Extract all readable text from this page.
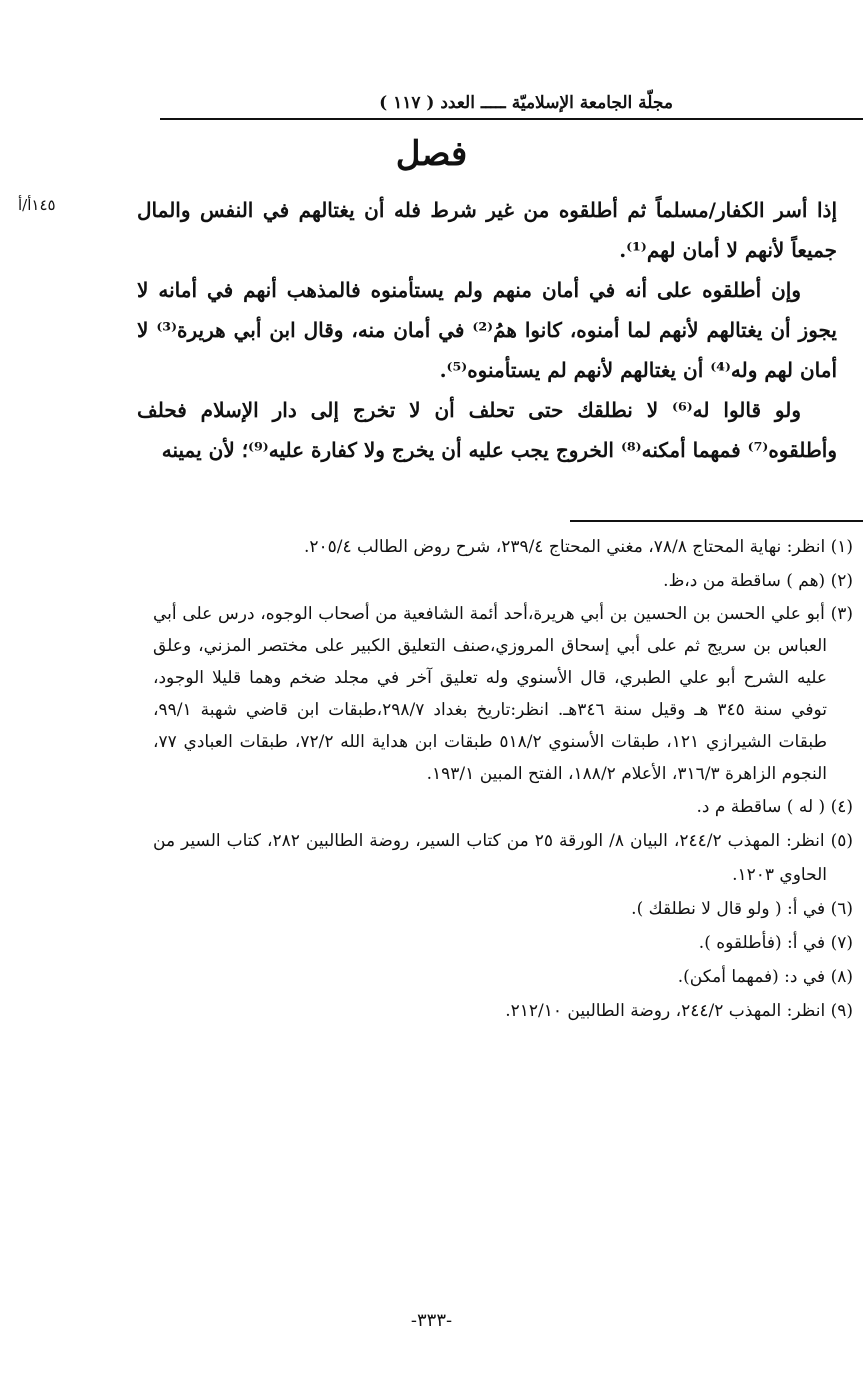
مجلّة الجامعة الإسلاميّة ـــــ العدد ( ١١٧ )
فصل
١٤٥أ/أ	إذا أسر الكفار/مسلماً ثم أطلقوه من غير شرط فله أن يغتالهم في النفس والمال جميعاً لأنهم لا أمان لهم⁽¹⁾.

وإن أطلقوه على أنه في أمان منهم ولم يستأمنوه فالمذهب أنهم في أمانه لا يجوز أن يغتالهم لأنهم لما أمنوه، كانوا همُ⁽²⁾ في أمان منه، وقال ابن أبي هريرة⁽³⁾ لا أمان لهم وله⁽⁴⁾ أن يغتالهم لأنهم لم يستأمنوه⁽⁵⁾.

ولو قالوا له⁽⁶⁾ لا نطلقك حتى تحلف أن لا تخرج إلى دار الإسلام فحلف وأطلقوه⁽⁷⁾ فمهما أمكنه⁽⁸⁾ الخروج يجب عليه أن يخرج ولا كفارة عليه⁽⁹⁾؛ لأن يمينه

(١) انظر: نهاية المحتاج ٧٨/٨، مغني المحتاج ٢٣٩/٤، شرح روض الطالب ٢٠٥/٤.
(٢) (هم ) ساقطة من د،ظ.
(٣) أبو علي الحسن بن الحسين بن أبي هريرة،أحد أئمة الشافعية من أصحاب الوجوه، درس على أبي العباس بن سريج ثم على أبي إسحاق المروزي،صنف التعليق الكبير على مختصر المزني، وعلق عليه الشرح أبو علي الطبري، قال الأسنوي وله تعليق آخر في مجلد ضخم وهما قليلا الوجود، توفي سنة ٣٤٥ هـ وقيل سنة ٣٤٦هـ. انظر:تاريخ بغداد ٢٩٨/٧،طبقات ابن قاضي شهبة ٩٩/١، طبقات الشيرازي ١٢١، طبقات الأسنوي ٥١٨/٢ طبقات ابن هداية الله ٧٢/٢، طبقات العبادي ٧٧، النجوم الزاهرة ٣١٦/٣، الأعلام ١٨٨/٢، الفتح المبين ١٩٣/١.
(٤) ( له ) ساقطة م د.
(٥) انظر: المهذب ٢٤٤/٢، البيان ٨/ الورقة ٢٥ من كتاب السير، روضة الطالبين ٢٨٢، كتاب السير من الحاوي ١٢٠٣.
(٦) في أ: ( ولو قال لا نطلقك ).
(٧) في أ: (فأطلقوه ).
(٨) في د: (فمهما أمكن).
(٩) انظر: المهذب ٢٤٤/٢، روضة الطالبين ٢١٢/١٠.
-٣٣٣-
